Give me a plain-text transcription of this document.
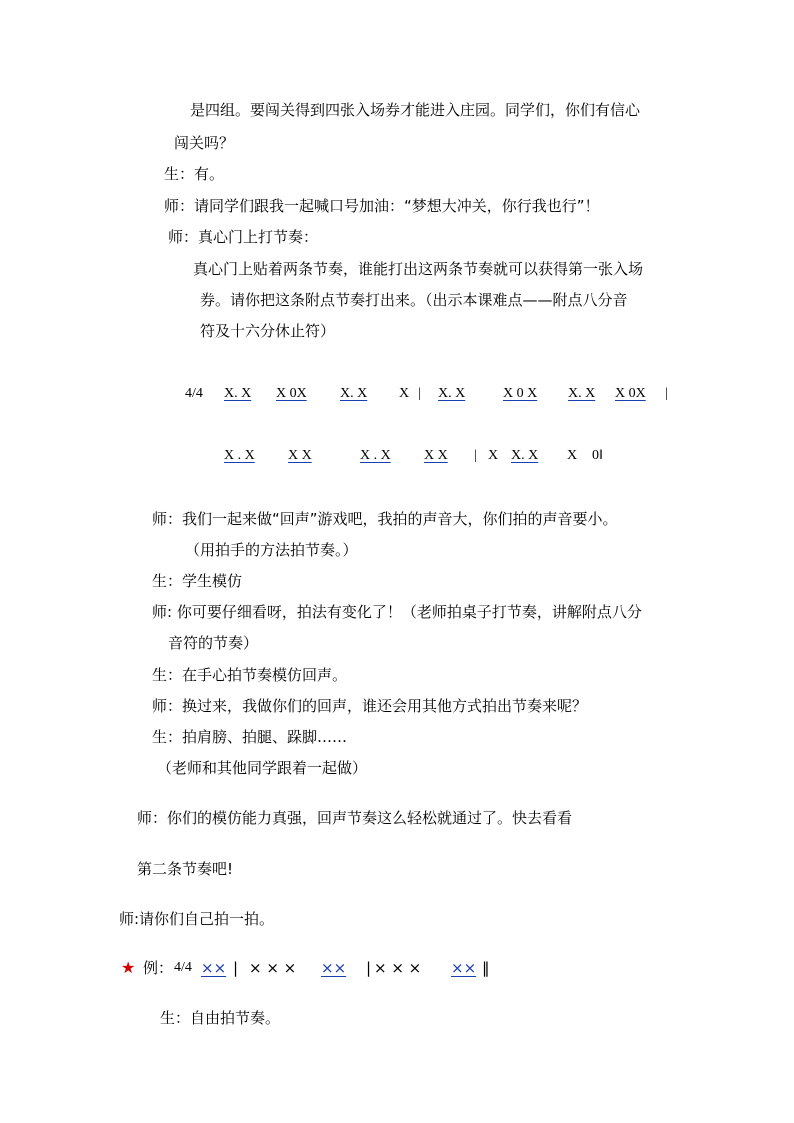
是四组。要闯关得到四张入场券才能进入庄园。同学们，你们有信心
闯关吗？
生：有。
师：请同学们跟我一起喊口号加油：“梦想大冲关，你行我也行”！
师：真心门上打节奏：
真心门上贴着两条节奏，谁能打出这两条节奏就可以获得第一张入场
券。请你把这条附点节奏打出来。（出示本课难点——附点八分音
符及十六分休止符）
4/4 X. X X 0X X. X X | X. X	X 0 X X. X X 0X |
X . X X X	X . X X X | X X. X X 0‖
师：我们一起来做“回声”游戏吧，我拍的声音大，你们拍的声音要小。
（用拍手的方法拍节奏。）
生：学生模仿
师: 你可要仔细看呀，拍法有变化了！（老师拍桌子打节奏，讲解附点八分
音符的节奏）
生：在手心拍节奏模仿回声。
师：换过来，我做你们的回声，谁还会用其他方式拍出节奏来呢？
生：拍肩膀、拍腿、跺脚……
（老师和其他同学跟着一起做）
师：你们的模仿能力真强，回声节奏这么轻松就通过了。快去看看
第二条节奏吧!
师:请你们自己拍一拍。
★ 例： 4/4 ×× | × × × ×× | × × × ×× ‖
生：自由拍节奏。
